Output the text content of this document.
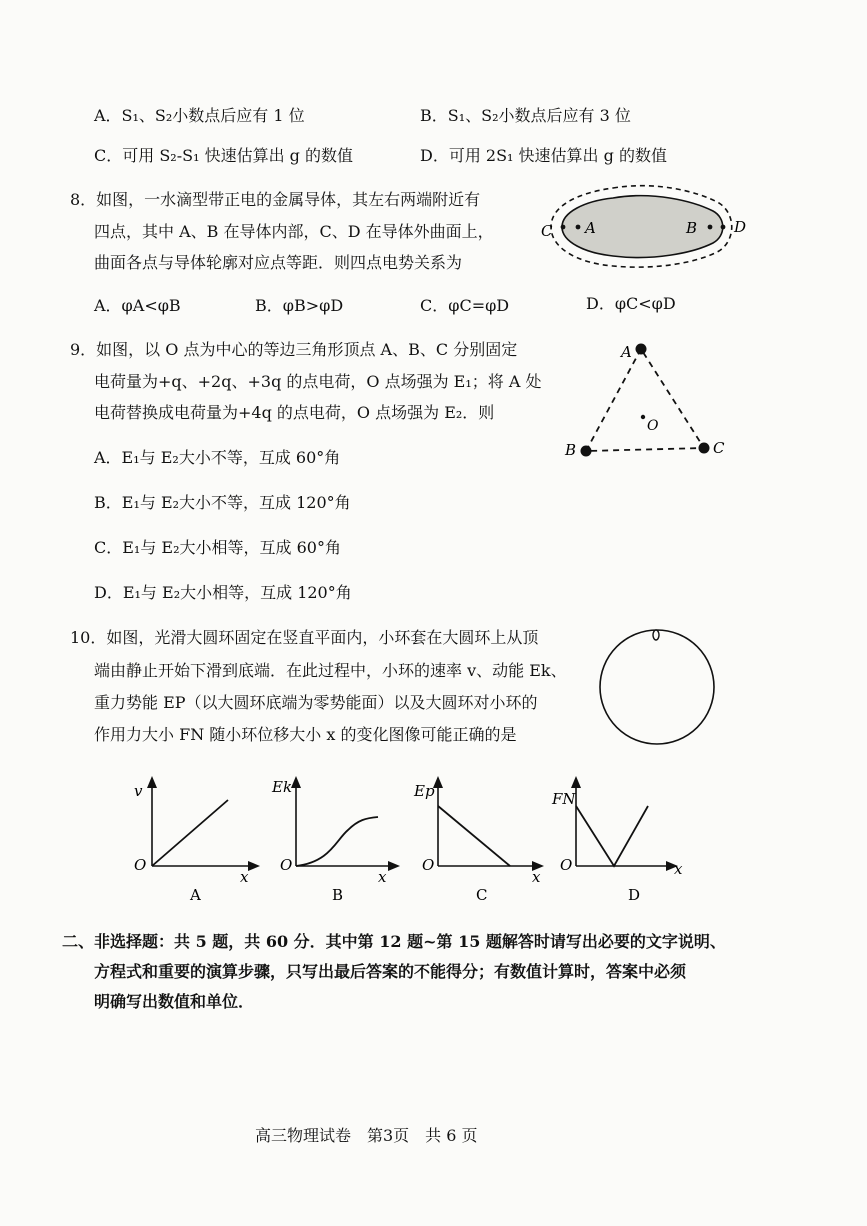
A．S₁、S₂小数点后应有 1 位	B．S₁、S₂小数点后应有 3 位
C．可用 S₂-S₁ 快速估算出 g 的数值	D．可用 2S₁ 快速估算出 g 的数值
8．如图，一水滴型带正电的金属导体，其左右两端附近有
四点，其中 A、B 在导体内部，C、D 在导体外曲面上，
曲面各点与导体轮廓对应点等距．则四点电势关系为
C A	B D
A．φA<φB	B．φB>φD	C．φC=φD	D．φC<φD
9．如图，以 O 点为中心的等边三角形顶点 A、B、C 分别固定
电荷量为+q、+2q、+3q 的点电荷，O 点场强为 E₁；将 A 处
电荷替换成电荷量为+4q 的点电荷，O 点场强为 E₂．则
A
B	C
O
A．E₁与 E₂大小不等，互成 60°角
B．E₁与 E₂大小不等，互成 120°角
C．E₁与 E₂大小相等，互成 60°角
D．E₁与 E₂大小相等，互成 120°角
10．如图，光滑大圆环固定在竖直平面内，小环套在大圆环上从顶
端由静止开始下滑到底端．在此过程中，小环的速率 v、动能 Ek、
重力势能 EP（以大圆环底端为零势能面）以及大圆环对小环的
作用力大小 FN 随小环位移大小 x 的变化图像可能正确的是
v
O
x
A
Ek
O
x
B
Ep
O
x
C
FN
O	x
D
二、非选择题：共 5 题，共 60 分．其中第 12 题~第 15 题解答时请写出必要的文字说明、
方程式和重要的演算步骤，只写出最后答案的不能得分；有数值计算时，答案中必须
明确写出数值和单位．
高三物理试卷　第3页　共 6 页
